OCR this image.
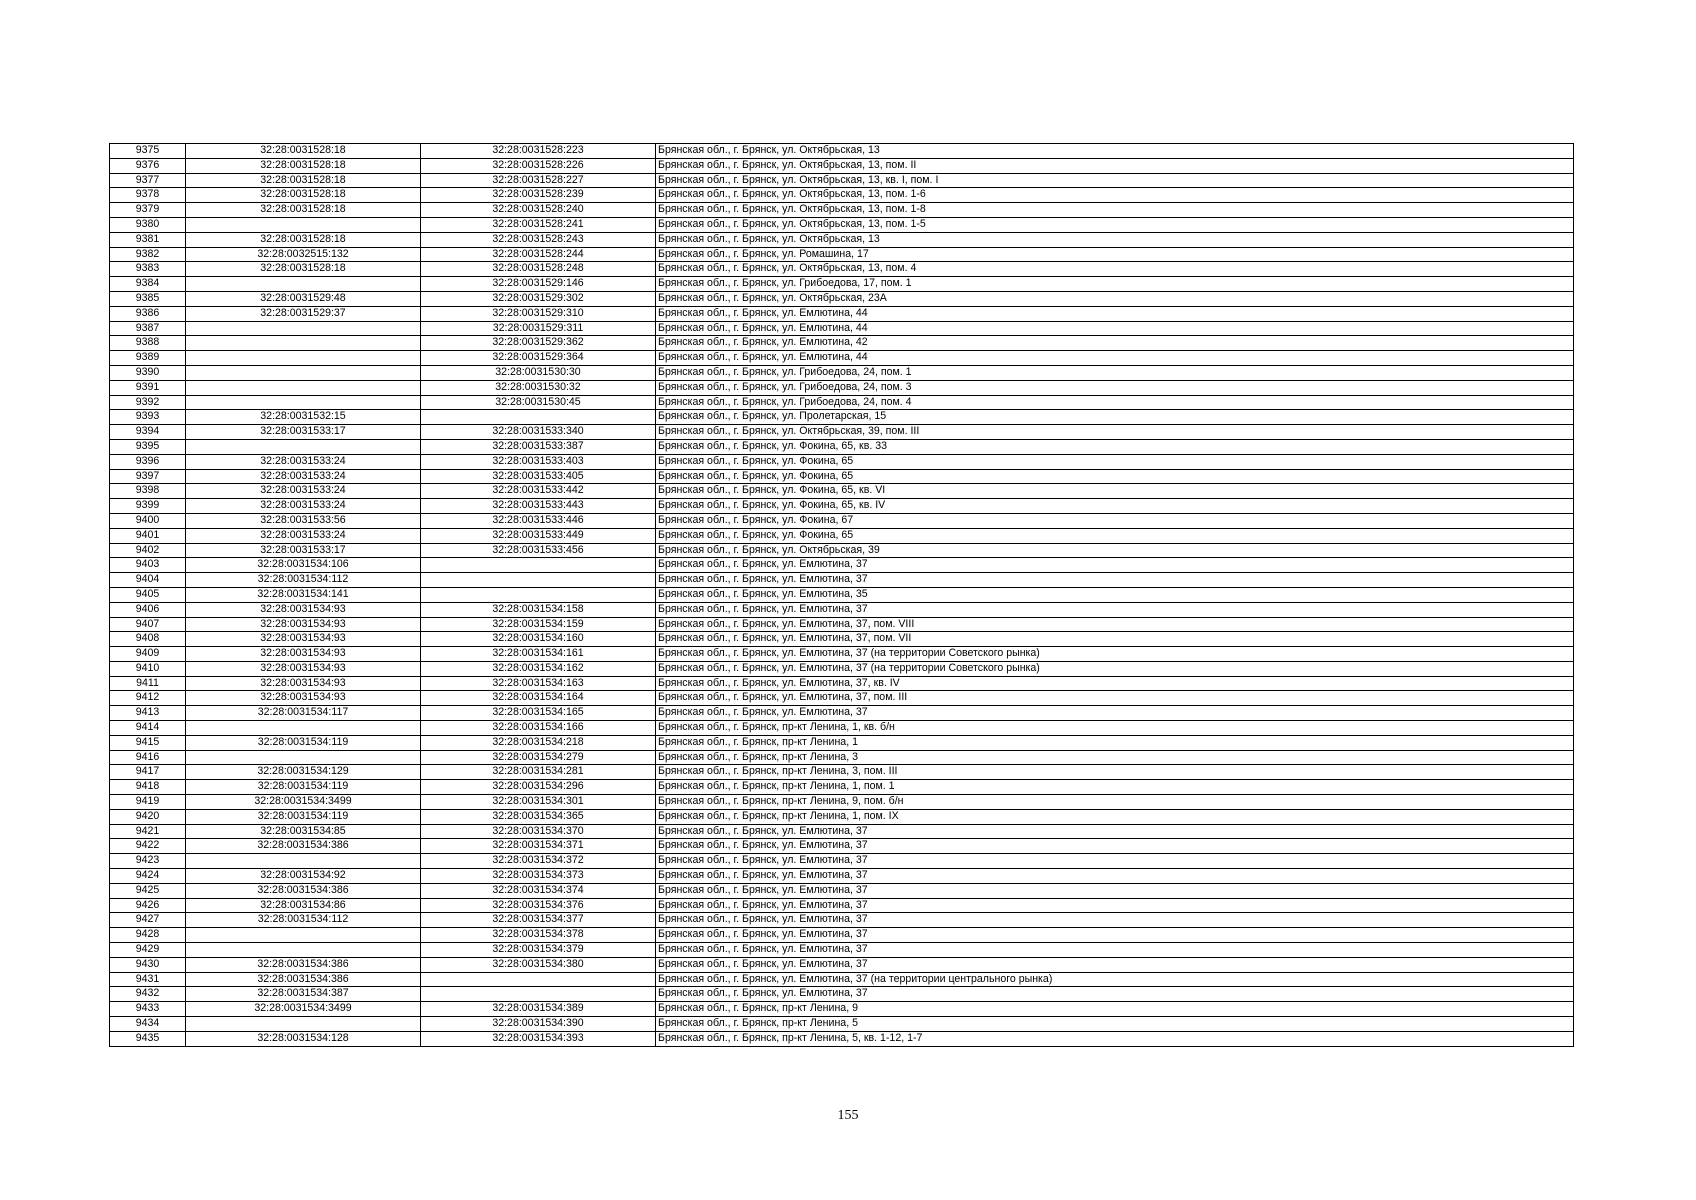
9375	32:28:0031528:18	32:28:0031528:223	Брянская обл., г. Брянск, ул. Октябрьская, 13
9376	32:28:0031528:18	32:28:0031528:226	Брянская обл., г. Брянск, ул. Октябрьская, 13, пом. II
9377	32:28:0031528:18	32:28:0031528:227	Брянская обл., г. Брянск, ул. Октябрьская, 13, кв. I, пом. I
9378	32:28:0031528:18	32:28:0031528:239	Брянская обл., г. Брянск, ул. Октябрьская, 13, пом. 1-6
9379	32:28:0031528:18	32:28:0031528:240	Брянская обл., г. Брянск, ул. Октябрьская, 13, пом. 1-8
9380		32:28:0031528:241	Брянская обл., г. Брянск, ул. Октябрьская, 13, пом. 1-5
9381	32:28:0031528:18	32:28:0031528:243	Брянская обл., г. Брянск, ул. Октябрьская, 13
9382	32:28:0032515:132	32:28:0031528:244	Брянская обл., г. Брянск, ул. Ромашина, 17
9383	32:28:0031528:18	32:28:0031528:248	Брянская обл., г. Брянск, ул. Октябрьская, 13, пом. 4
9384		32:28:0031529:146	Брянская обл., г. Брянск, ул. Грибоедова, 17, пом. 1
9385	32:28:0031529:48	32:28:0031529:302	Брянская обл., г. Брянск, ул. Октябрьская, 23А
9386	32:28:0031529:37	32:28:0031529:310	Брянская обл., г. Брянск, ул. Емлютина, 44
9387		32:28:0031529:311	Брянская обл., г. Брянск, ул. Емлютина, 44
9388		32:28:0031529:362	Брянская обл., г. Брянск, ул. Емлютина, 42
9389		32:28:0031529:364	Брянская обл., г. Брянск, ул. Емлютина, 44
9390		32:28:0031530:30	Брянская обл., г. Брянск, ул. Грибоедова, 24, пом. 1
9391		32:28:0031530:32	Брянская обл., г. Брянск, ул. Грибоедова, 24, пом. 3
9392		32:28:0031530:45	Брянская обл., г. Брянск, ул. Грибоедова, 24, пом. 4
9393	32:28:0031532:15		Брянская обл., г. Брянск, ул. Пролетарская, 15
9394	32:28:0031533:17	32:28:0031533:340	Брянская обл., г. Брянск, ул. Октябрьская, 39, пом. III
9395		32:28:0031533:387	Брянская обл., г. Брянск, ул. Фокина, 65, кв. 33
9396	32:28:0031533:24	32:28:0031533:403	Брянская обл., г. Брянск, ул. Фокина, 65
9397	32:28:0031533:24	32:28:0031533:405	Брянская обл., г. Брянск, ул. Фокина, 65
9398	32:28:0031533:24	32:28:0031533:442	Брянская обл., г. Брянск, ул. Фокина, 65, кв. VI
9399	32:28:0031533:24	32:28:0031533:443	Брянская обл., г. Брянск, ул. Фокина, 65, кв. IV
9400	32:28:0031533:56	32:28:0031533:446	Брянская обл., г. Брянск, ул. Фокина, 67
9401	32:28:0031533:24	32:28:0031533:449	Брянская обл., г. Брянск, ул. Фокина, 65
9402	32:28:0031533:17	32:28:0031533:456	Брянская обл., г. Брянск, ул. Октябрьская, 39
9403	32:28:0031534:106		Брянская обл., г. Брянск, ул. Емлютина, 37
9404	32:28:0031534:112		Брянская обл., г. Брянск, ул. Емлютина, 37
9405	32:28:0031534:141		Брянская обл., г. Брянск, ул. Емлютина, 35
9406	32:28:0031534:93	32:28:0031534:158	Брянская обл., г. Брянск, ул. Емлютина, 37
9407	32:28:0031534:93	32:28:0031534:159	Брянская обл., г. Брянск, ул. Емлютина, 37, пом. VIII
9408	32:28:0031534:93	32:28:0031534:160	Брянская обл., г. Брянск, ул. Емлютина, 37, пом. VII
9409	32:28:0031534:93	32:28:0031534:161	Брянская обл., г. Брянск, ул. Емлютина, 37 (на территории Советского рынка)
9410	32:28:0031534:93	32:28:0031534:162	Брянская обл., г. Брянск, ул. Емлютина, 37 (на территории Советского рынка)
9411	32:28:0031534:93	32:28:0031534:163	Брянская обл., г. Брянск, ул. Емлютина, 37, кв. IV
9412	32:28:0031534:93	32:28:0031534:164	Брянская обл., г. Брянск, ул. Емлютина, 37, пом. III
9413	32:28:0031534:117	32:28:0031534:165	Брянская обл., г. Брянск, ул. Емлютина, 37
9414		32:28:0031534:166	Брянская обл., г. Брянск, пр-кт Ленина, 1, кв. б/н
9415	32:28:0031534:119	32:28:0031534:218	Брянская обл., г. Брянск, пр-кт Ленина, 1
9416		32:28:0031534:279	Брянская обл., г. Брянск, пр-кт Ленина, 3
9417	32:28:0031534:129	32:28:0031534:281	Брянская обл., г. Брянск, пр-кт Ленина, 3, пом. III
9418	32:28:0031534:119	32:28:0031534:296	Брянская обл., г. Брянск, пр-кт Ленина, 1, пом. 1
9419	32:28:0031534:3499	32:28:0031534:301	Брянская обл., г. Брянск, пр-кт Ленина, 9, пом. б/н
9420	32:28:0031534:119	32:28:0031534:365	Брянская обл., г. Брянск, пр-кт Ленина, 1, пом. IX
9421	32:28:0031534:85	32:28:0031534:370	Брянская обл., г. Брянск, ул. Емлютина, 37
9422	32:28:0031534:386	32:28:0031534:371	Брянская обл., г. Брянск, ул. Емлютина, 37
9423		32:28:0031534:372	Брянская обл., г. Брянск, ул. Емлютина, 37
9424	32:28:0031534:92	32:28:0031534:373	Брянская обл., г. Брянск, ул. Емлютина, 37
9425	32:28:0031534:386	32:28:0031534:374	Брянская обл., г. Брянск, ул. Емлютина, 37
9426	32:28:0031534:86	32:28:0031534:376	Брянская обл., г. Брянск, ул. Емлютина, 37
9427	32:28:0031534:112	32:28:0031534:377	Брянская обл., г. Брянск, ул. Емлютина, 37
9428		32:28:0031534:378	Брянская обл., г. Брянск, ул. Емлютина, 37
9429		32:28:0031534:379	Брянская обл., г. Брянск, ул. Емлютина, 37
9430	32:28:0031534:386	32:28:0031534:380	Брянская обл., г. Брянск, ул. Емлютина, 37
9431	32:28:0031534:386		Брянская обл., г. Брянск, ул. Емлютина, 37 (на территории центрального рынка)
9432	32:28:0031534:387		Брянская обл., г. Брянск, ул. Емлютина, 37
9433	32:28:0031534:3499	32:28:0031534:389	Брянская обл., г. Брянск, пр-кт Ленина, 9
9434		32:28:0031534:390	Брянская обл., г. Брянск, пр-кт Ленина, 5
9435	32:28:0031534:128	32:28:0031534:393	Брянская обл., г. Брянск, пр-кт Ленина, 5, кв. 1-12, 1-7
155
